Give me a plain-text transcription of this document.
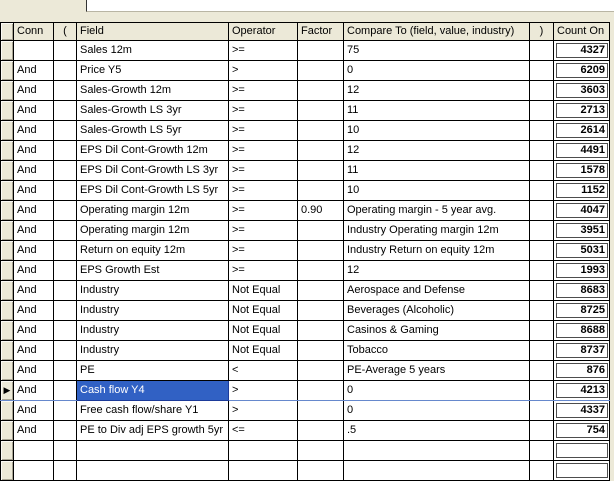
	Conn	(	Field	Operator	Factor	Compare To (field, value, industry)	)	Count On
			Sales 12m	>=		75		4327

	And		Price Y5	>		0		6209

	And		Sales-Growth 12m	>=		12		3603

	And		Sales-Growth LS 3yr	>=		11		2713

	And		Sales-Growth LS 5yr	>=		10		2614

	And		EPS Dil Cont-Growth 12m	>=		12		4491

	And		EPS Dil Cont-Growth LS 3yr	>=		11		1578

	And		EPS Dil Cont-Growth LS 5yr	>=		10		1152

	And		Operating margin 12m	>=	0.90	Operating margin - 5 year avg.		4047

	And		Operating margin 12m	>=		Industry Operating margin 12m		3951

	And		Return on equity 12m	>=		Industry Return on equity 12m		5031

	And		EPS Growth Est	>=		12		1993

	And		Industry	Not Equal		Aerospace and Defense		8683

	And		Industry	Not Equal		Beverages (Alcoholic)		8725

	And		Industry	Not Equal		Casinos & Gaming		8688

	And		Industry	Not Equal		Tobacco		8737

	And		PE	<		PE-Average 5 years		876

▶	And		Cash flow Y4	>		0		4213

	And		Free cash flow/share Y1	>		0		4337

	And		PE to Div adj EPS growth 5yr	<=		.5		754
